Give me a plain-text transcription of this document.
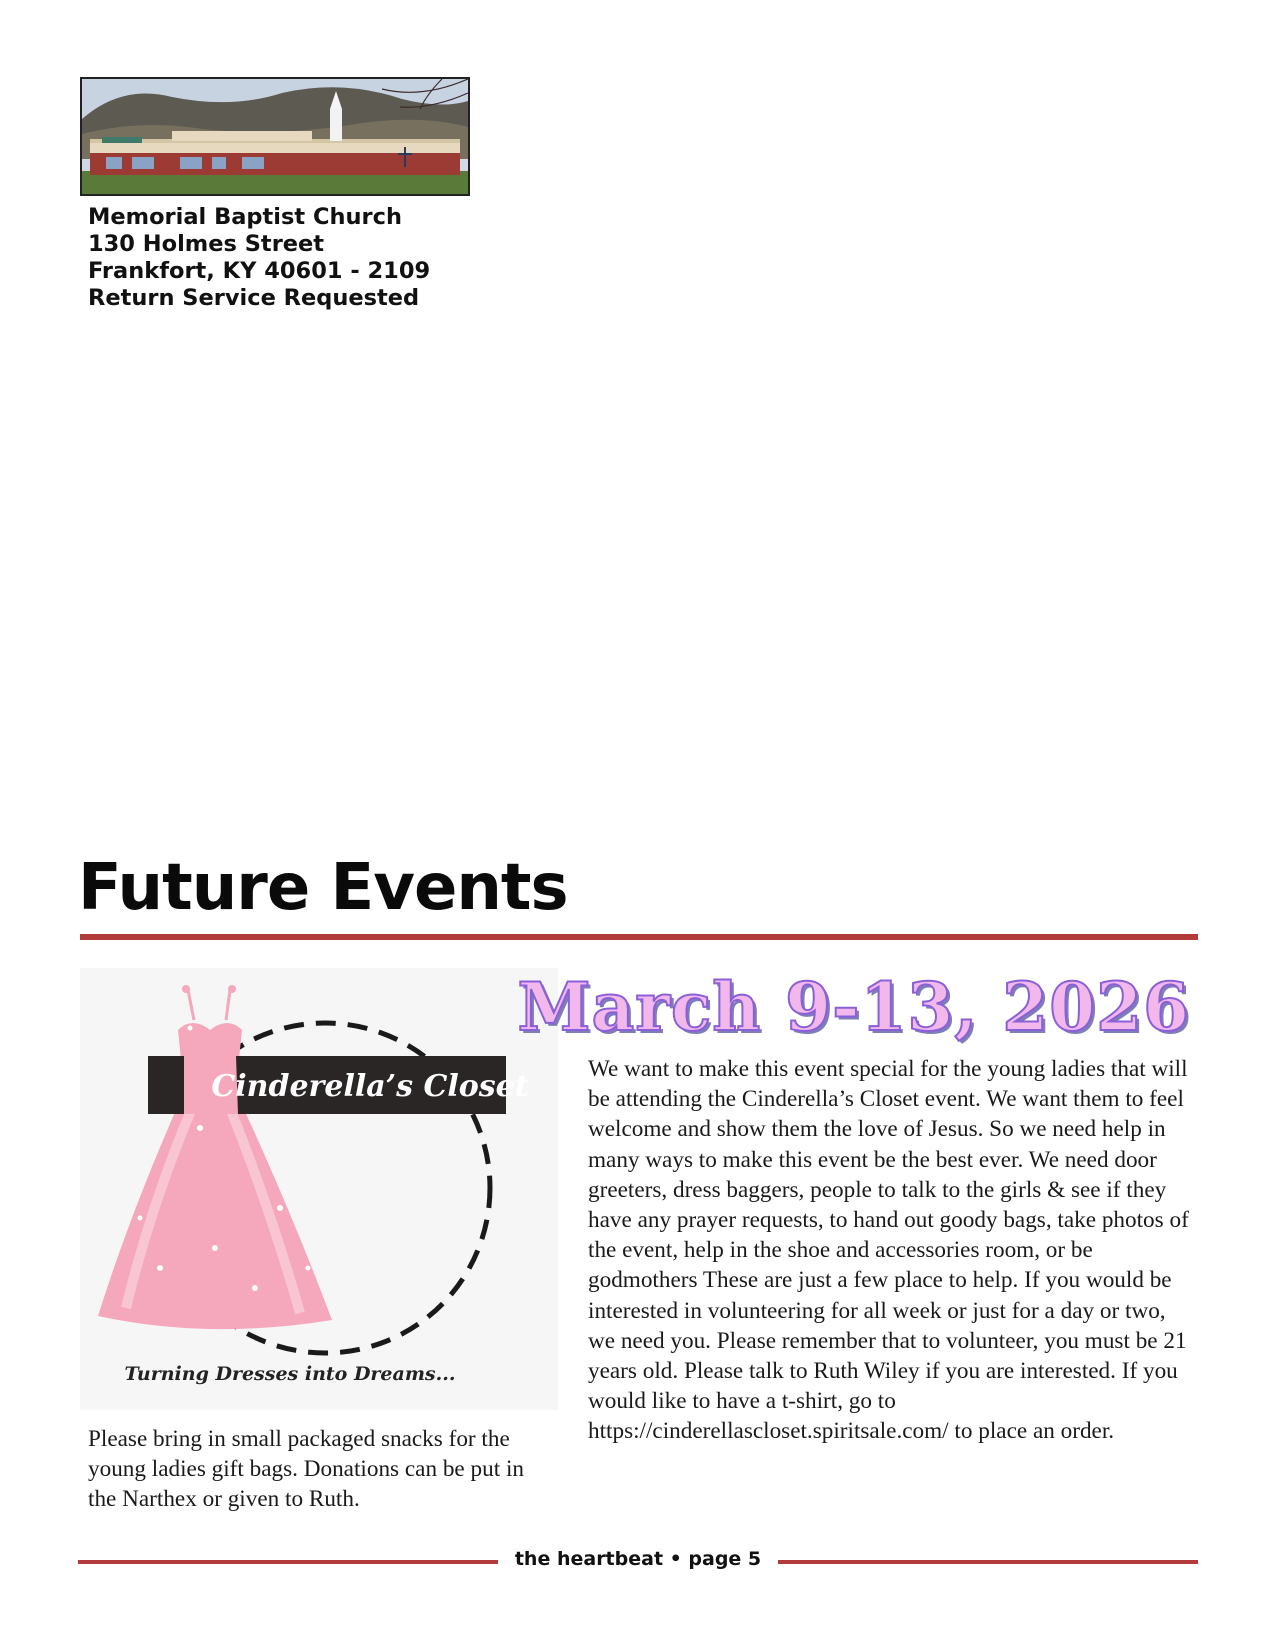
Memorial Baptist Church
130 Holmes Street
Frankfort, KY 40601 - 2109
Return Service Requested
Future Events
Cinderella’s Closet
Turning Dresses into Dreams...
March 9-13, 2026
We want to make this event special for the young ladies that will be attending the Cinderella’s Closet event. We want them to feel welcome and show them the love of Jesus. So we need help in many ways to make this event be the best ever. We need door greeters, dress baggers, people to talk to the girls & see if they have any prayer requests, to hand out goody bags, take photos of the event, help in the shoe and accessories room, or be godmothers These are just a few place to help. If you would be interested in volunteering for all week or just for a day or two, we need you. Please remember that to volunteer, you must be 21 years old. Please talk to Ruth Wiley if you are interested. If you would like to have a t-shirt, go to https://cinderellascloset.spiritsale.com/ to place an order.
Please bring in small packaged snacks for the young ladies gift bags. Donations can be put in the Narthex or given to Ruth.
the heartbeat • page 5
